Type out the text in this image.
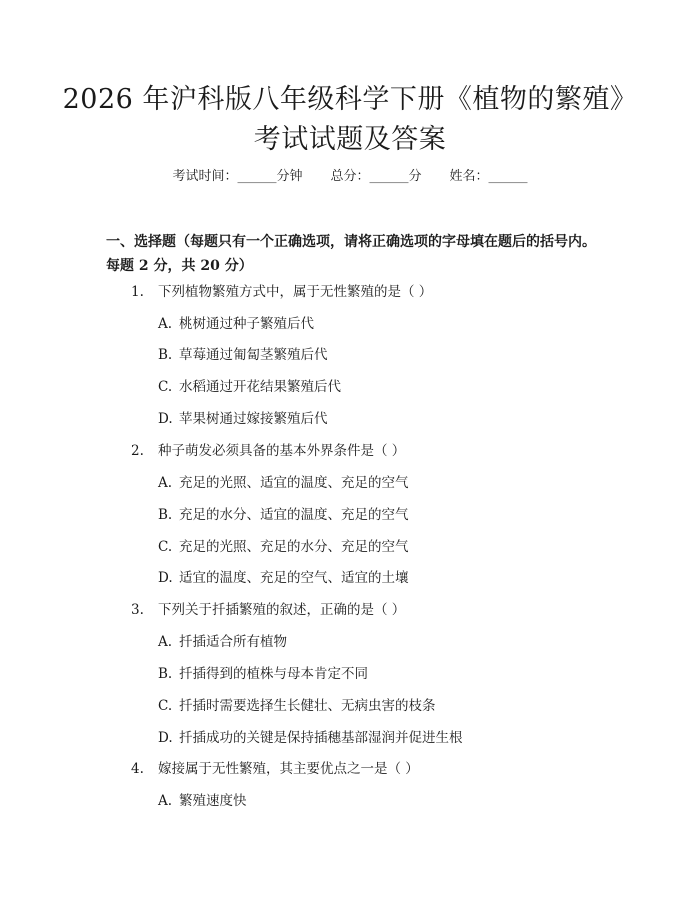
2026 年沪科版八年级科学下册《植物的繁殖》考试试题及答案
考试时间：______分钟 总分：______分 姓名：______

一、选择题（每题只有一个正确选项，请将正确选项的字母填在题后的括号内。每题 2 分，共 20 分）

1. 下列植物繁殖方式中，属于无性繁殖的是（ ）
A. 桃树通过种子繁殖后代
B. 草莓通过匍匐茎繁殖后代
C. 水稻通过开花结果繁殖后代
D. 苹果树通过嫁接繁殖后代
2. 种子萌发必须具备的基本外界条件是（ ）
A. 充足的光照、适宜的温度、充足的空气
B. 充足的水分、适宜的温度、充足的空气
C. 充足的光照、充足的水分、充足的空气
D. 适宜的温度、充足的空气、适宜的土壤
3. 下列关于扦插繁殖的叙述，正确的是（ ）
A. 扦插适合所有植物
B. 扦插得到的植株与母本肯定不同
C. 扦插时需要选择生长健壮、无病虫害的枝条
D. 扦插成功的关键是保持插穗基部湿润并促进生根
4. 嫁接属于无性繁殖，其主要优点之一是（ ）
A. 繁殖速度快
